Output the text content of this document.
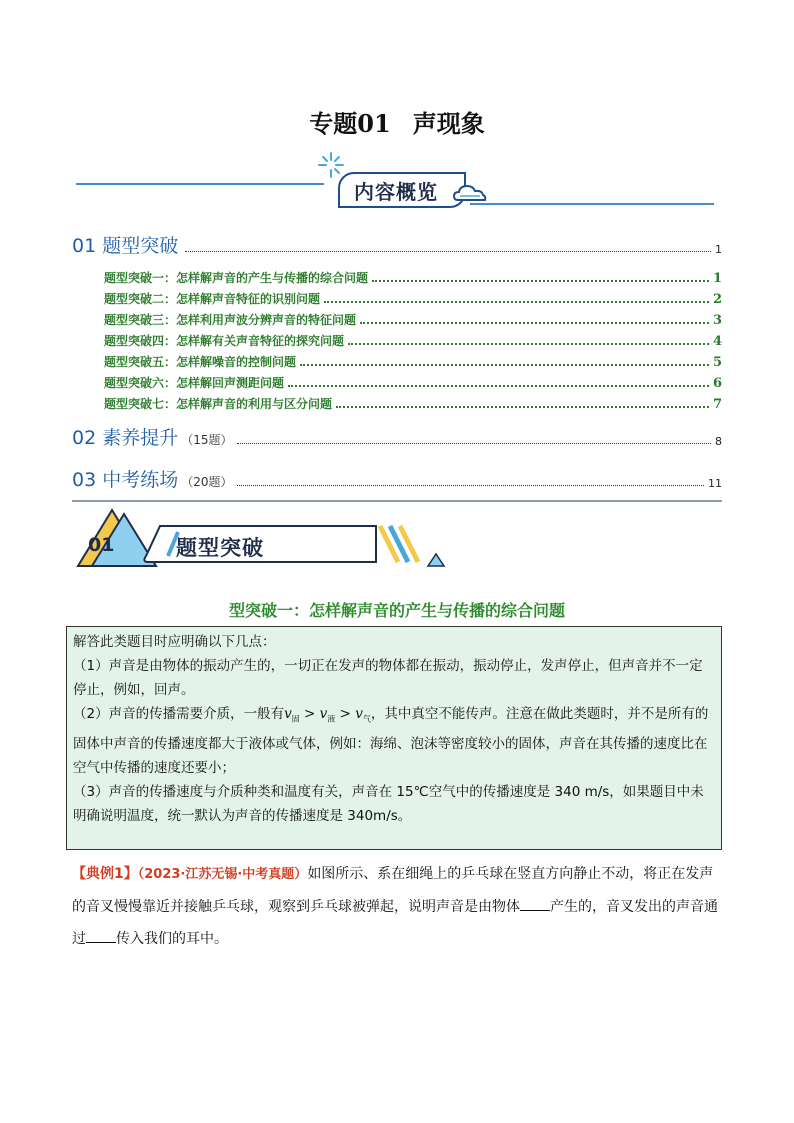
专题01 声现象
内容概览
01 题型突破	1
题型突破一：怎样解声音的产生与传播的综合问题	1
题型突破二：怎样解声音特征的识别问题	2
题型突破三：怎样利用声波分辨声音的特征问题	3
题型突破四：怎样解有关声音特征的探究问题	4
题型突破五：怎样解噪音的控制问题	5
题型突破六：怎样解回声测距问题	6
题型突破七：怎样解声音的利用与区分问题	7
02 素养提升 （15题）	8
03 中考练场 （20题）	11
01	题型突破
型突破一：怎样解声音的产生与传播的综合问题

解答此类题目时应明确以下几点：

（1）声音是由物体的振动产生的，一切正在发声的物体都在振动，振动停止，发声停止，但声音并不一定停止，例如，回声。

（2）声音的传播需要介质，一般有$v_固 > v_液 > v_气$，其中真空不能传声。注意在做此类题时，并不是所有的固体中声音的传播速度都大于液体或气体，例如：海绵、泡沫等密度较小的固体，声音在其传播的速度比在空气中传播的速度还要小；

（3）声音的传播速度与介质种类和温度有关，声音在 15℃空气中的传播速度是 340 m/s，如果题目中未明确说明温度，统一默认为声音的传播速度是 340m/s。

【典例1】（2023·江苏无锡·中考真题）如图所示、系在细绳上的乒乓球在竖直方向静止不动，将正在发声的音叉慢慢靠近并接触乒乓球，观察到乒乓球被弹起，说明声音是由物体 产生的，音叉发出的声音通过 传入我们的耳中。
